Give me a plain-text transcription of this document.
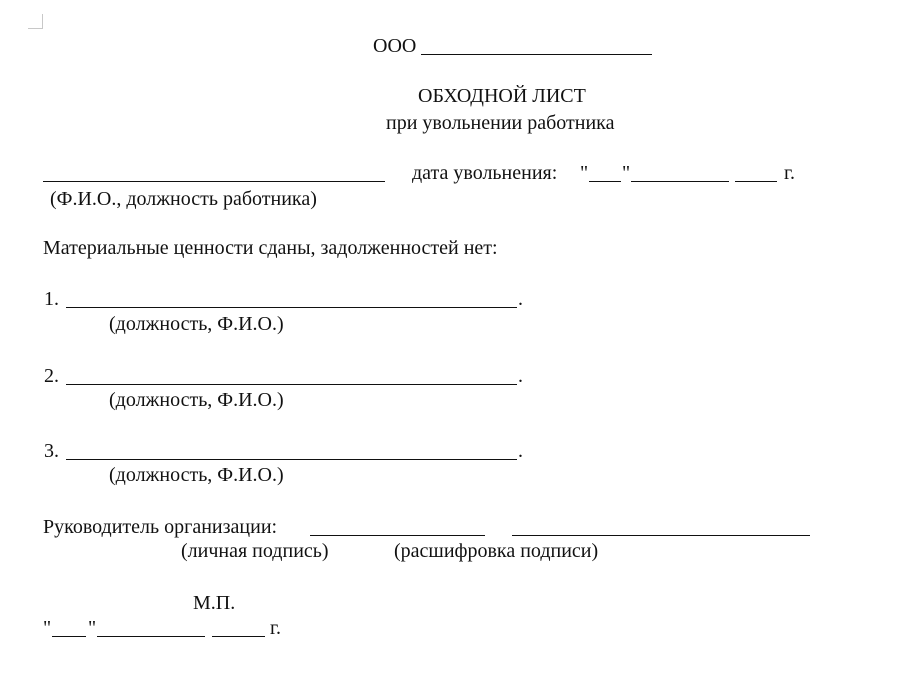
ООО
ОБХОДНОЙ ЛИСТ
при увольнении работника
дата увольнения: " "	г.
(Ф.И.О., должность работника)
Материальные ценности сданы, задолженностей нет:
1.	.
(должность, Ф.И.О.)
2.	.
(должность, Ф.И.О.)
3.	.
(должность, Ф.И.О.)
Руководитель организации:
(личная подпись)	(расшифровка подписи)
М.П.
" "	г.
